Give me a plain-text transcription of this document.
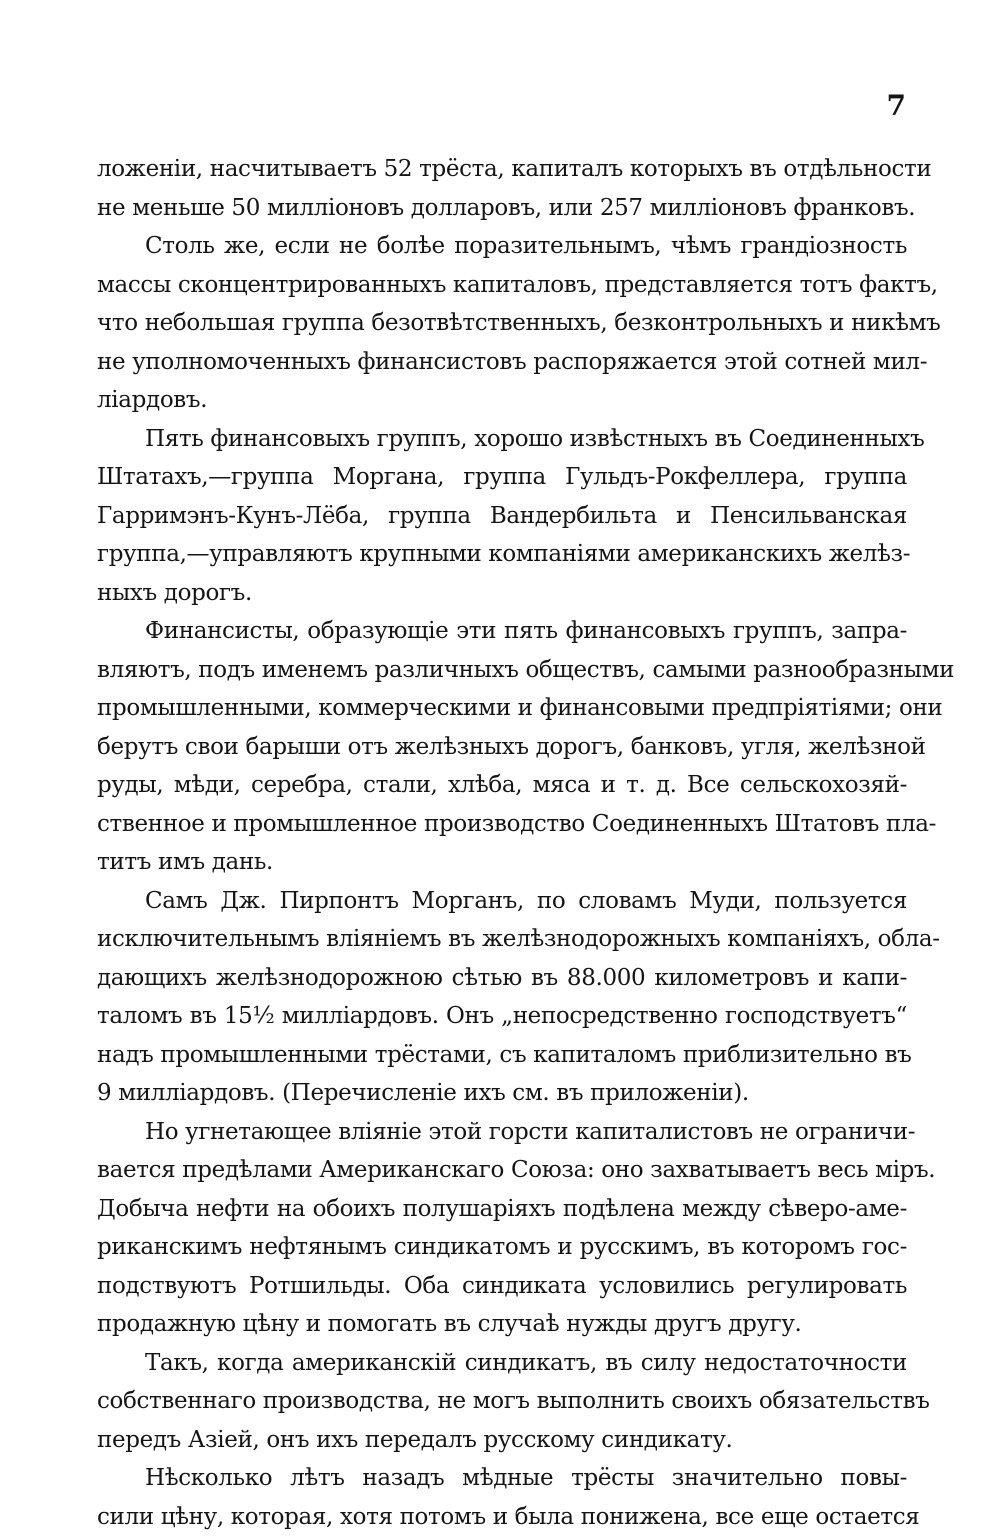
7
ложеніи, насчитываетъ 52 трёста, капиталъ которыхъ въ отдѣльности
не меньше 50 милліоновъ долларовъ, или 257 милліоновъ франковъ.
Столь же, если не болѣе поразительнымъ, чѣмъ грандіозность
массы сконцентрированныхъ капиталовъ, представляется тотъ фактъ,
что небольшая группа безотвѣтственныхъ, безконтрольныхъ и никѣмъ
не уполномоченныхъ финансистовъ распоряжается этой сотней мил-
ліардовъ.
Пять финансовыхъ группъ, хорошо извѣстныхъ въ Соединенныхъ
Штатахъ,—группа Моргана, группа Гульдъ-Рокфеллера, группа
Гарримэнъ-Кунъ-Лёба, группа Вандербильта и Пенсильванская
группа,—управляютъ крупными компаніями американскихъ желѣз-
ныхъ дорогъ.
Финансисты, образующіе эти пять финансовыхъ группъ, запра-
вляютъ, подъ именемъ различныхъ обществъ, самыми разнообразными
промышленными, коммерческими и финансовыми предпріятіями; они
берутъ свои барыши отъ желѣзныхъ дорогъ, банковъ, угля, желѣзной
руды, мѣди, серебра, стали, хлѣба, мяса и т. д. Все сельскохозяй-
ственное и промышленное производство Соединенныхъ Штатовъ пла-
титъ имъ дань.
Самъ Дж. Пирпонтъ Морганъ, по словамъ Муди, пользуется
исключительнымъ вліяніемъ въ желѣзнодорожныхъ компаніяхъ, обла-
дающихъ желѣзнодорожною сѣтью въ 88.000 километровъ и капи-
таломъ въ 15½ милліардовъ. Онъ „непосредственно господствуетъ“
надъ промышленными трёстами, съ капиталомъ приблизительно въ
9 милліардовъ. (Перечисленіе ихъ см. въ приложеніи).
Но угнетающее вліяніе этой горсти капиталистовъ не ограничи-
вается предѣлами Американскаго Союза: оно захватываетъ весь міръ.
Добыча нефти на обоихъ полушаріяхъ подѣлена между сѣверо-аме-
риканскимъ нефтянымъ синдикатомъ и русскимъ, въ которомъ гос-
подствуютъ Ротшильды. Оба синдиката условились регулировать
продажную цѣну и помогать въ случаѣ нужды другъ другу.
Такъ, когда американскій синдикатъ, въ силу недостаточности
собственнаго производства, не могъ выполнить своихъ обязательствъ
передъ Азіей, онъ ихъ передалъ русскому синдикату.
Нѣсколько лѣтъ назадъ мѣдные трёсты значительно повы-
сили цѣну, которая, хотя потомъ и была понижена, все еще остается
